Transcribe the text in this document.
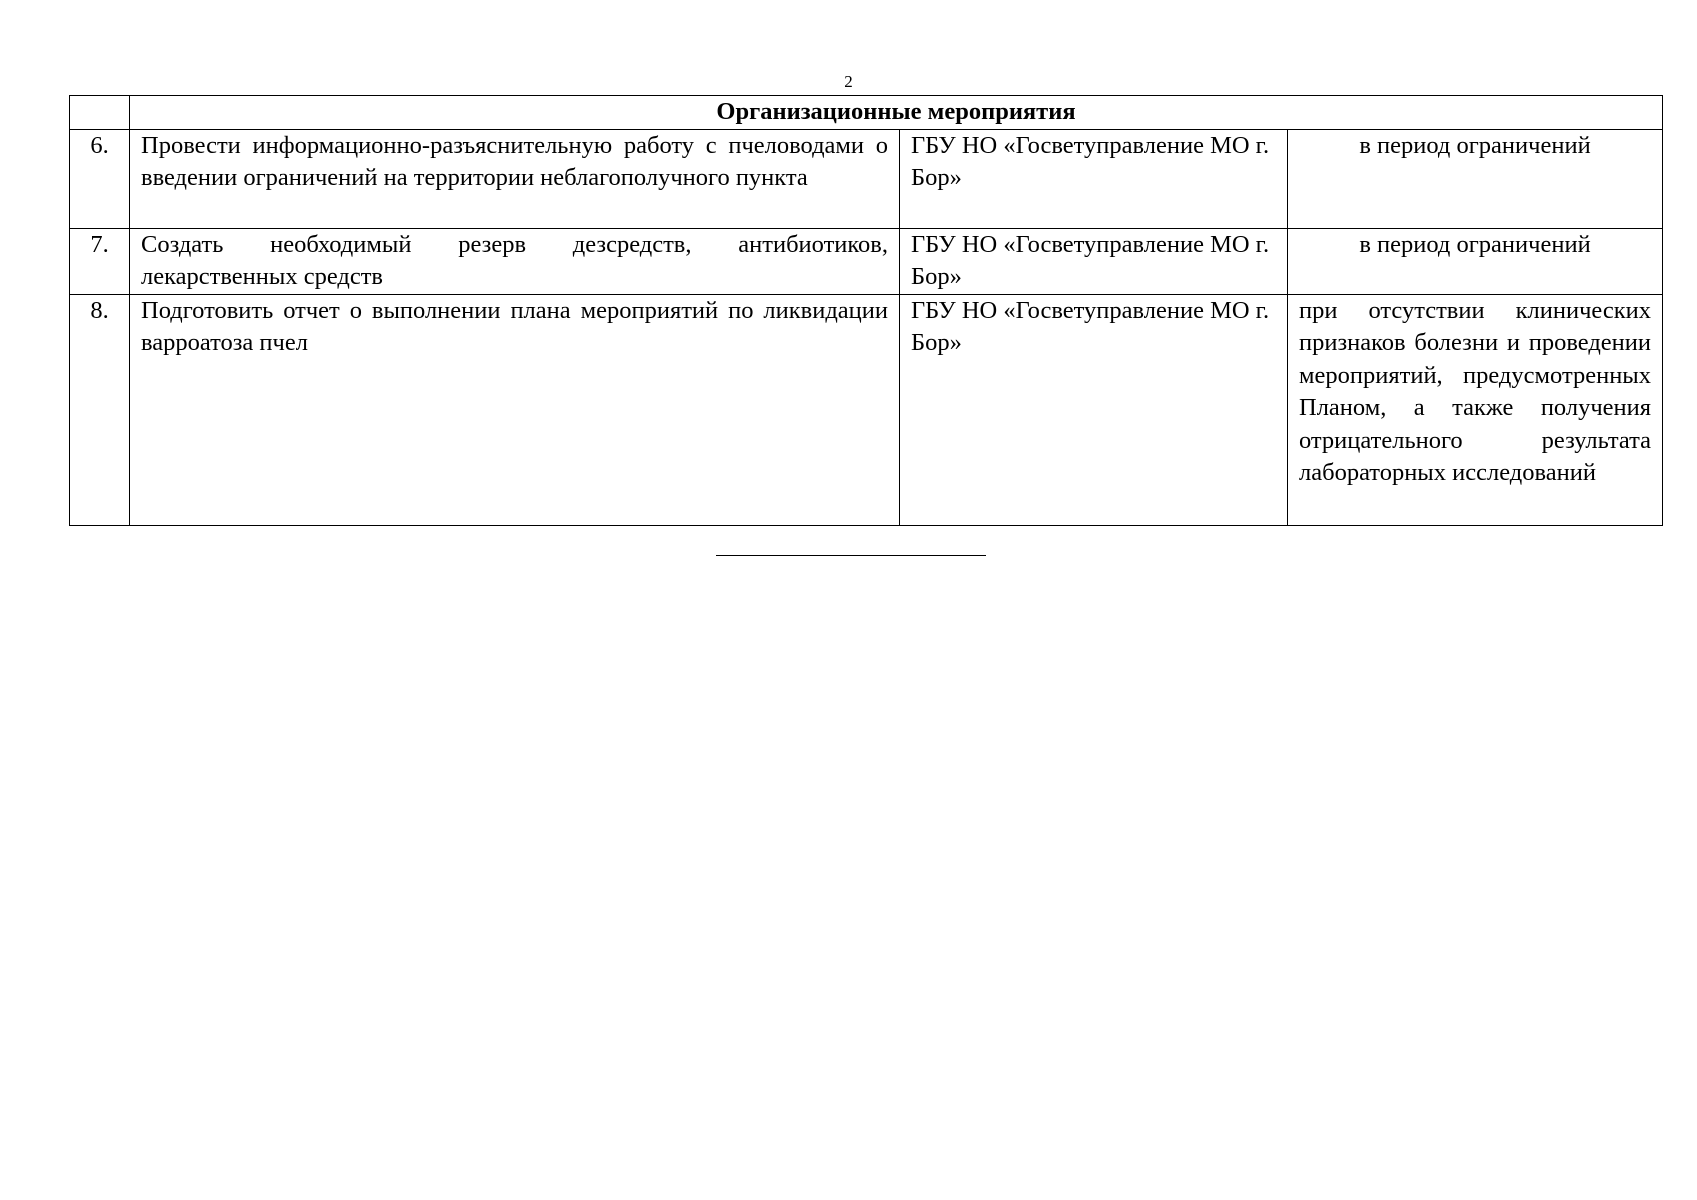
2
	Организационные мероприятия		
6.	Провести информационно-разъяснительную работу с пчеловодами о введении ограничений на территории неблагополучного пункта	ГБУ НО «Госветуправление МО г. Бор»	в период ограничений
7.	Создать необходимый резерв дезсредств, антибиотиков, лекарственных средств	ГБУ НО «Госветуправление МО г. Бор»	в период ограничений
8.	Подготовить отчет о выполнении плана мероприятий по ликвидации варроатоза пчел	ГБУ НО «Госветуправление МО г. Бор»	при отсутствии клинических признаков болезни и проведении мероприятий, предусмотренных Планом, а также получения отрицательного результата лабораторных исследований
